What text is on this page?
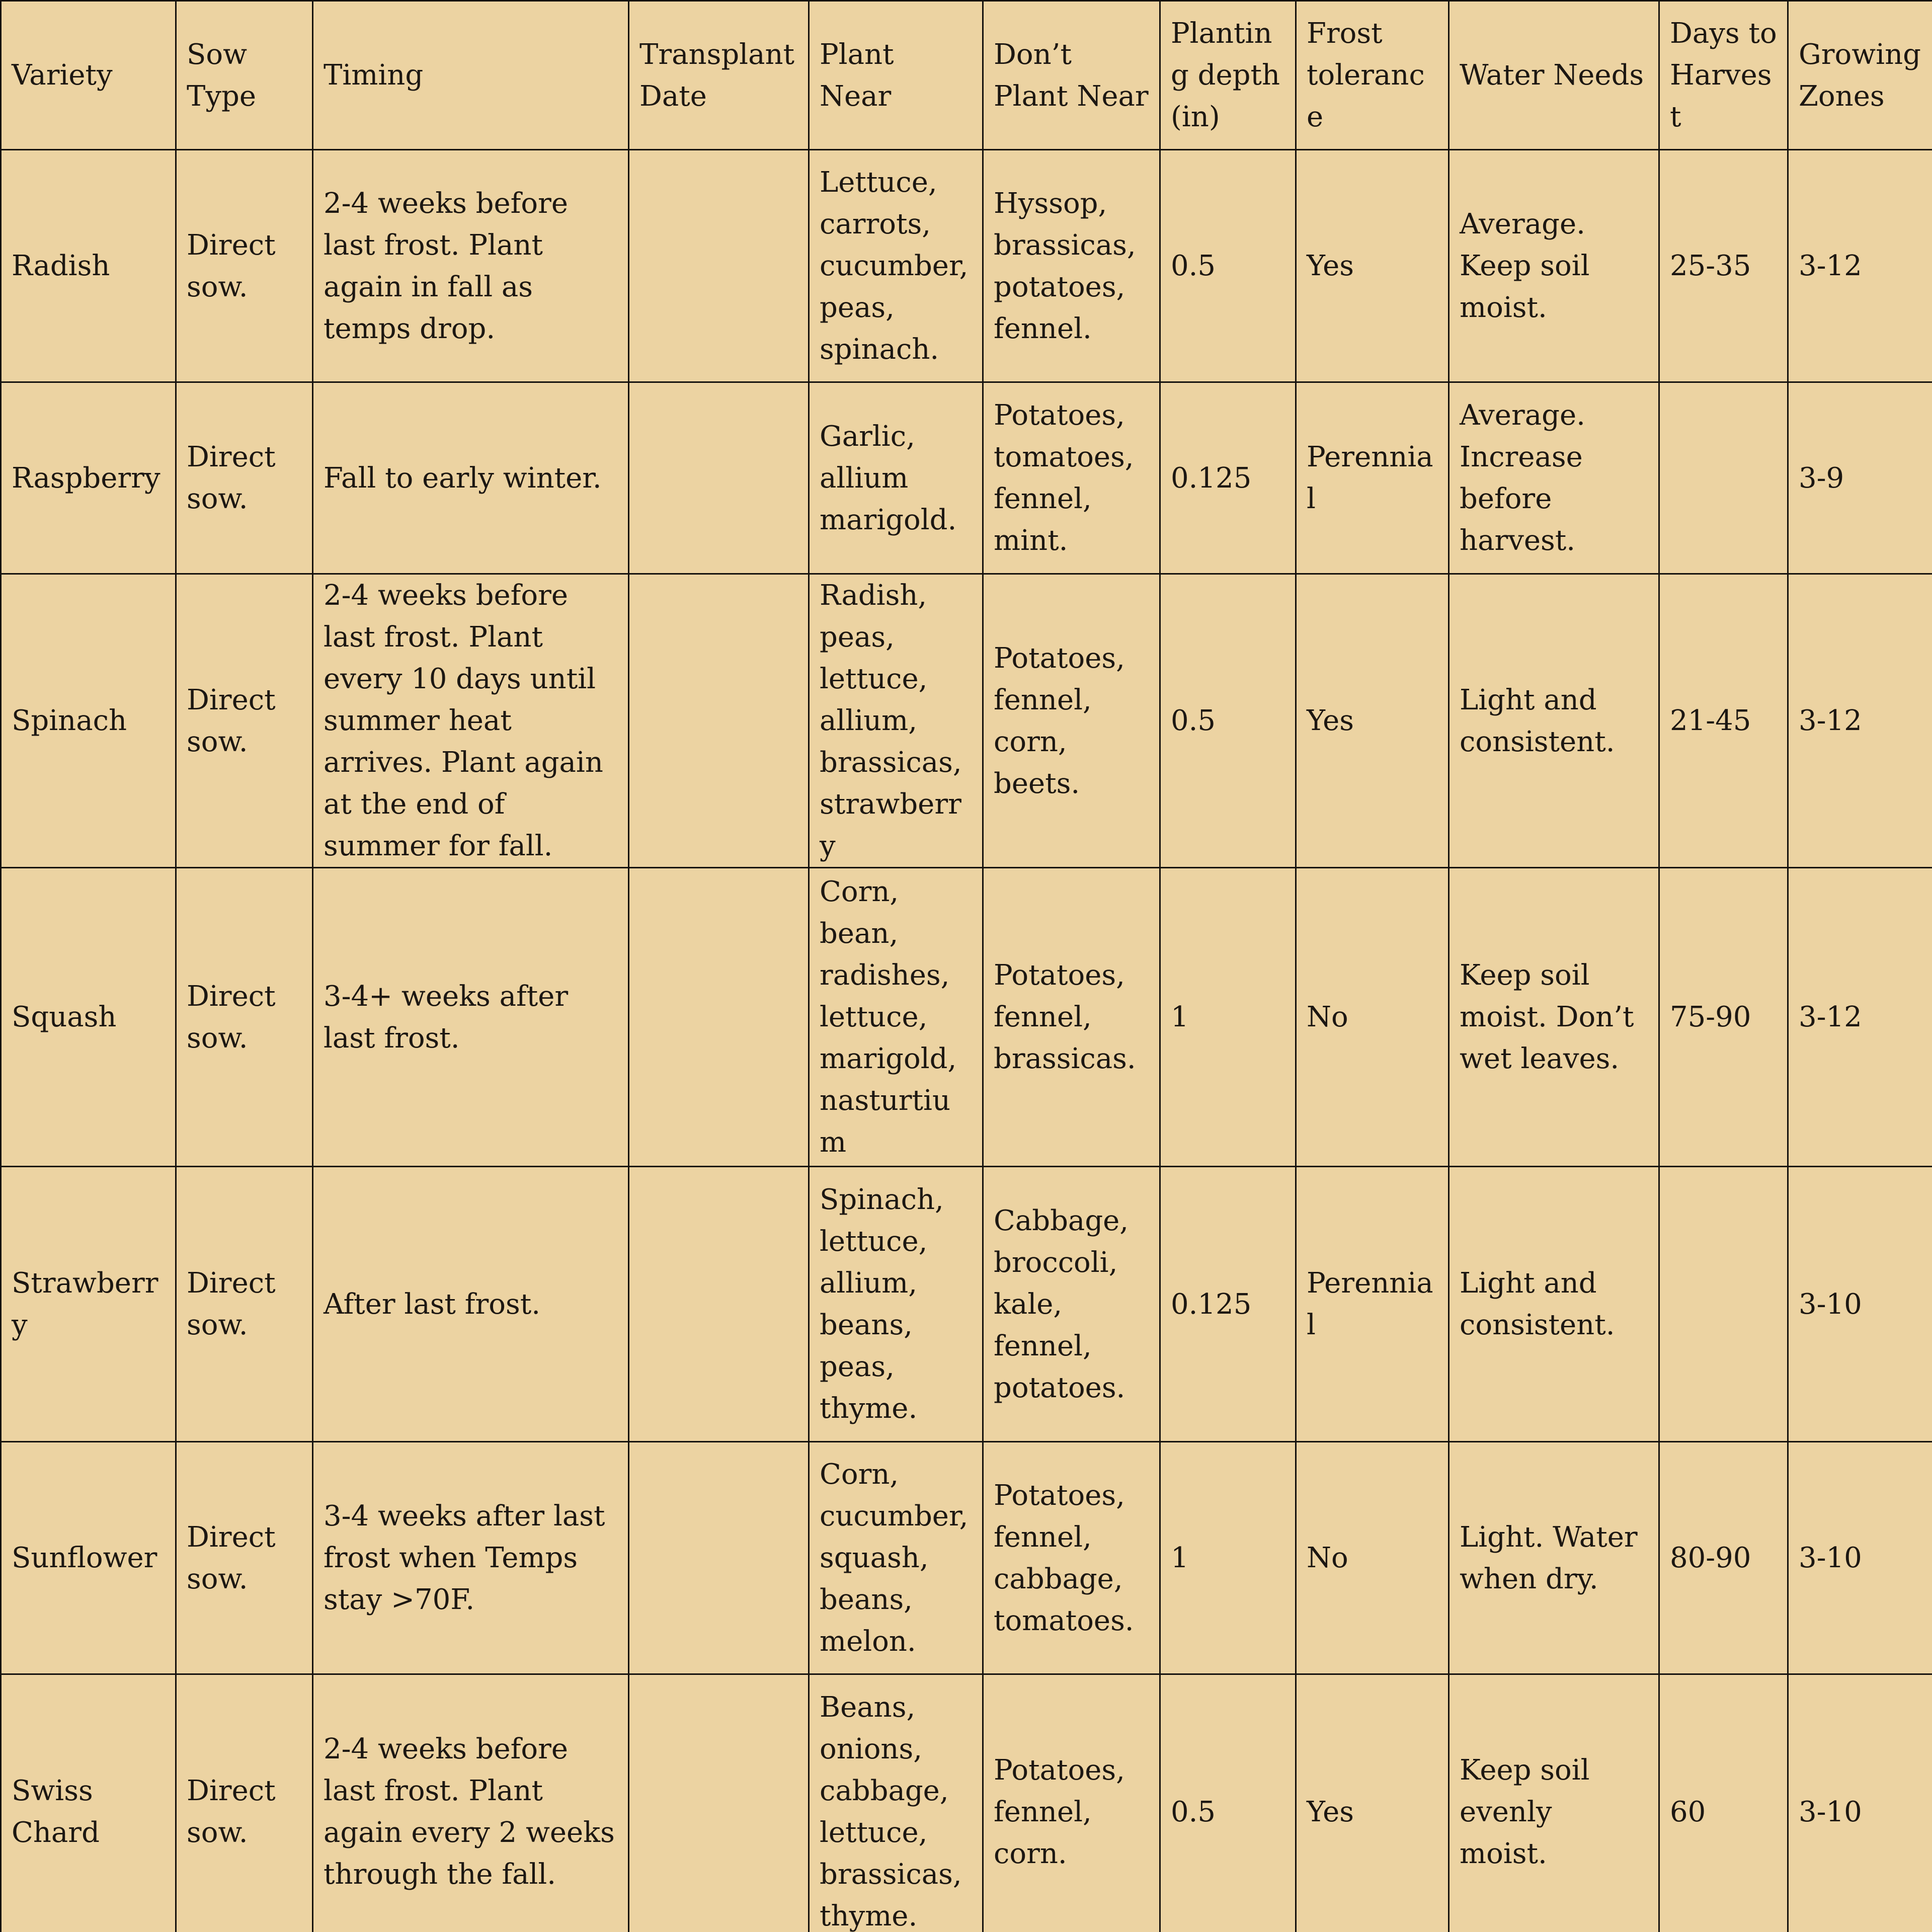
Variety	Sow Type	Timing	Transplant Date	Plant Near	Don’t Plant Near	Planting depth (in)	Frost tolerance	Water Needs	Days to Harvest	Growing Zones
Radish	Direct sow.	2-4 weeks before last frost. Plant again in fall as temps drop.		Lettuce, carrots, cucumber, peas, spinach.	Hyssop, brassicas, potatoes, fennel.	0.5	Yes	Average. Keep soil moist.	25-35	3-12
Raspberry	Direct sow.	Fall to early winter.		Garlic, allium marigold.	Potatoes, tomatoes, fennel, mint.	0.125	Perennial	Average. Increase before harvest.		3-9
Spinach	Direct sow.	2-4 weeks before last frost. Plant every 10 days until summer heat arrives. Plant again at the end of summer for fall.		Radish, peas, lettuce, allium, brassicas, strawberry	Potatoes, fennel, corn, beets.	0.5	Yes	Light and consistent.	21-45	3-12
Squash	Direct sow.	3-4+ weeks after last frost.		Corn, bean, radishes, lettuce, marigold, nasturtium	Potatoes, fennel, brassicas.	1	No	Keep soil moist. Don’t wet leaves.	75-90	3-12
Strawberry	Direct sow.	After last frost.		Spinach, lettuce, allium, beans, peas, thyme.	Cabbage, broccoli, kale, fennel, potatoes.	0.125	Perennial	Light and consistent.		3-10
Sunflower	Direct sow.	3-4 weeks after last frost when Temps stay >70F.		Corn, cucumber, squash, beans, melon.	Potatoes, fennel, cabbage, tomatoes.	1	No	Light. Water when dry.	80-90	3-10
Swiss Chard	Direct sow.	2-4 weeks before last frost. Plant again every 2 weeks through the fall.		Beans, onions, cabbage, lettuce, brassicas, thyme.	Potatoes, fennel, corn.	0.5	Yes	Keep soil evenly moist.	60	3-10
